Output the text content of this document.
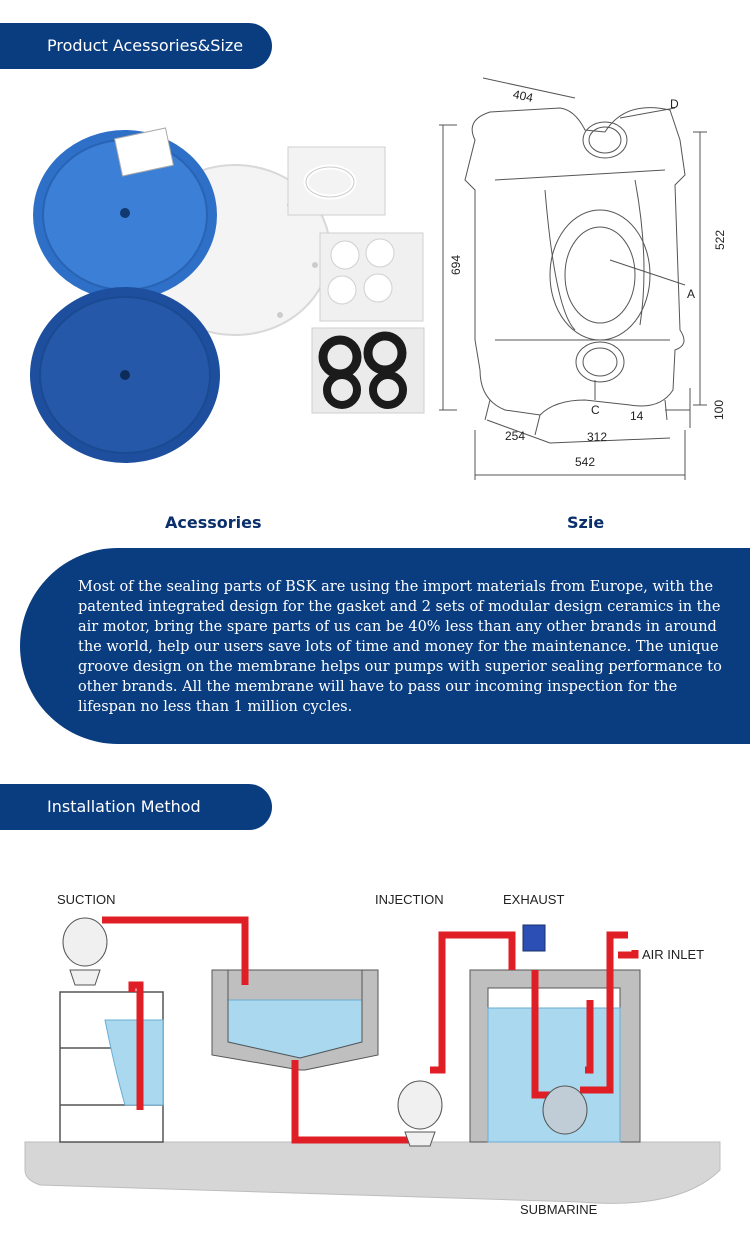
Product Acessories&Size
404
694
522
254	312
542
14	100
D
A
C
Acessories	Szie
Most of the sealing parts of BSK are using the import materials from Europe, with the patented integrated design for the gasket and 2 sets of modular design ceramics in the air motor, bring the spare parts of us can be 40% less than any other brands in around the world, help our users save lots of time and money for the maintenance. The unique groove design on the membrane helps our pumps with superior sealing performance to other brands. All the membrane will have to pass our incoming inspection for the lifespan no less than 1 million cycles.
Installation Method
SUCTION	INJECTION	EXHAUST
AIR INLET
SUBMARINE
